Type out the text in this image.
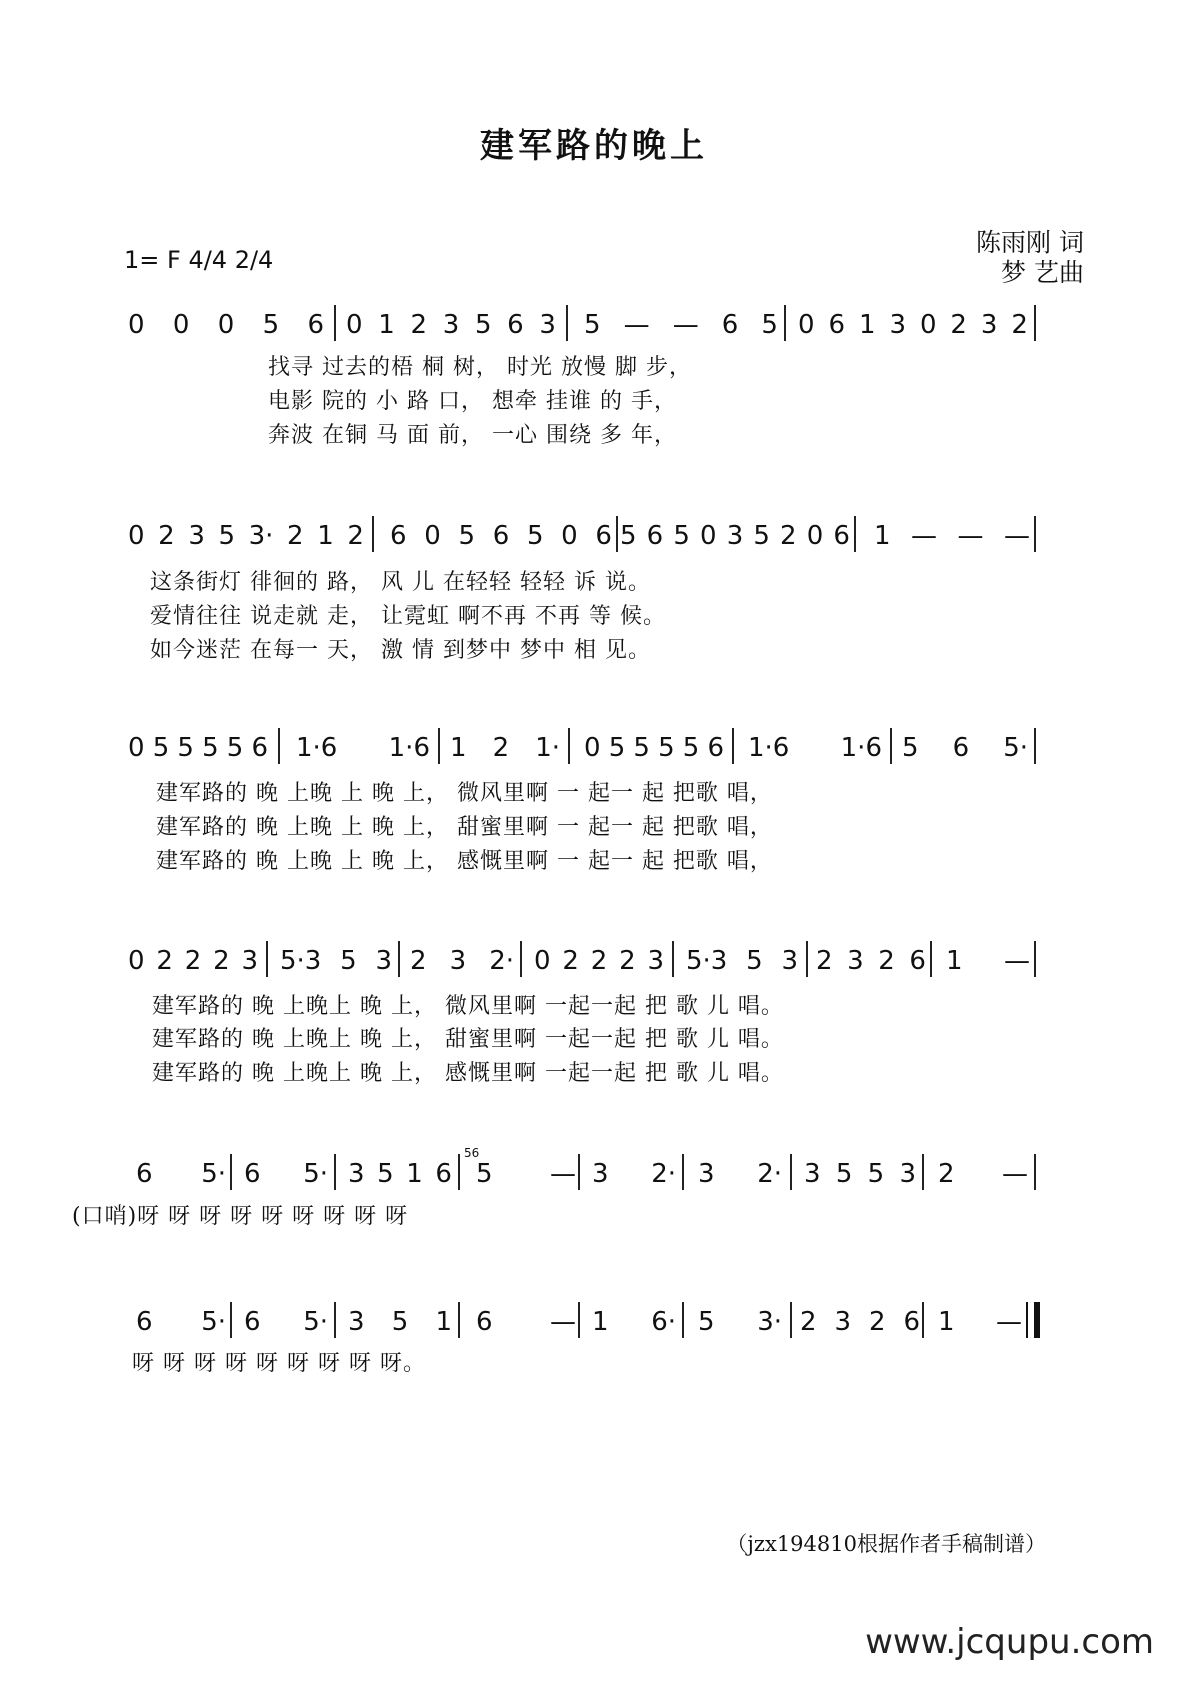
建军路的晚上
1= F 4/4 2/4
陈雨刚 词
梦 艺曲
0 0 0 5 6 0 1 2 3 5 6 3 5 — — 6 5 0 6 1 3 0 2 3 2
找寻 过去的梧 桐 树， 时光 放慢 脚 步，
电影 院的 小 路 口， 想牵 挂谁 的 手，
奔波 在铜 马 面 前， 一心 围绕 多 年，
0 2 3 5 3· 2 1 2 6 0 5 6 5 0 6 5 6 5 0 3 5 2 0 6 1 — — —
这条街灯 徘徊的 路， 风 儿 在轻轻 轻轻 诉 说。
爱情往往 说走就 走， 让霓虹 啊不再 不再 等 候。
如今迷茫 在每一 天， 激 情 到梦中 梦中 相 见。
0 5 5 5 5 6 1·6 1·6 1 2 1· 0 5 5 5 5 6 1·6 1·6 5 6 5·
建军路的 晚 上晚 上 晚 上， 微风里啊 一 起一 起 把歌 唱，
建军路的 晚 上晚 上 晚 上， 甜蜜里啊 一 起一 起 把歌 唱，
建军路的 晚 上晚 上 晚 上， 感慨里啊 一 起一 起 把歌 唱，
0 2 2 2 3 5·3 5 3 2 3 2· 0 2 2 2 3 5·3 5 3 2 3 2 6 1 —
建军路的 晚 上晚上 晚 上， 微风里啊 一起一起 把 歌 儿 唱。
建军路的 晚 上晚上 晚 上， 甜蜜里啊 一起一起 把 歌 儿 唱。
建军路的 晚 上晚上 晚 上， 感慨里啊 一起一起 把 歌 儿 唱。
6 5· 6 5· 3 5 1 6
56
5 — 3 2· 3 2· 3 5 5 3 2 —
(口哨)呀 呀 呀 呀 呀 呀 呀 呀 呀
6 5· 6 5· 3 5 1 6 — 1 6· 5 3· 2 3 2 6 1 —
呀 呀 呀 呀 呀 呀 呀 呀 呀。
（jzx194810根据作者手稿制谱）
www.jcqupu.com
